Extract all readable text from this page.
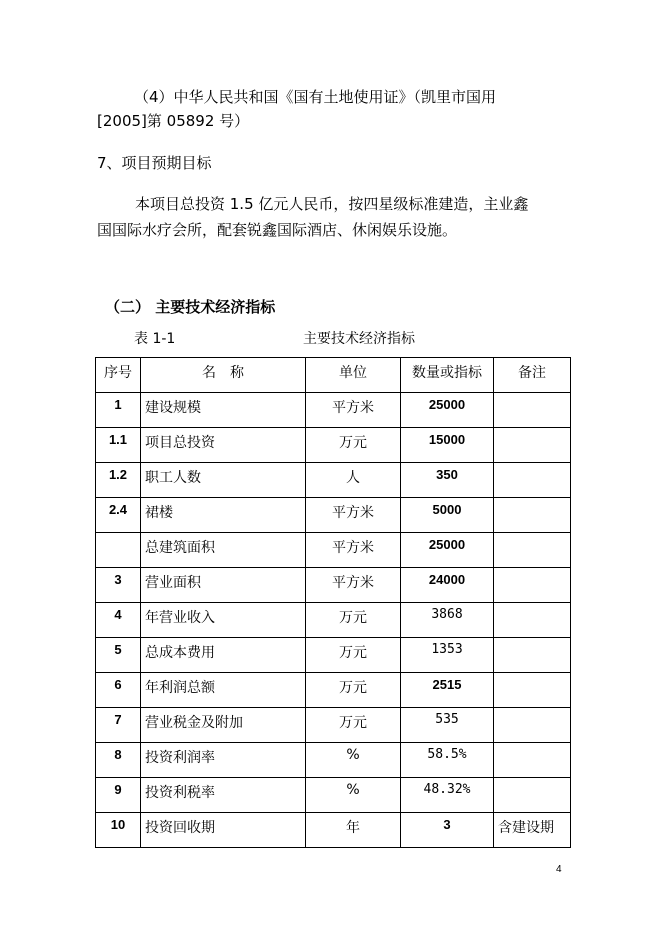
（4）中华人民共和国《国有土地使用证》（凯里市国用
[2005]第 05892 号）
7、项目预期目标
本项目总投资 1.5 亿元人民币，按四星级标准建造，主业鑫
国国际水疗会所，配套锐鑫国际酒店、休闲娱乐设施。
（二） 主要技术经济指标
表 1-1	主要技术经济指标
序号	名　称	单位	数量或指标	备注

1	建设规模	平方米	25000	

1.1	项目总投资	万元	15000	

1.2	职工人数	人	350	

2.4	裙楼	平方米	5000	

	总建筑面积	平方米	25000	

3	营业面积	平方米	24000	

4	年营业收入	万元	3868	

5	总成本费用	万元	1353	

6	年利润总额	万元	2515	

7	营业税金及附加	万元	535	

8	投资利润率	%	58.5%	

9	投资利税率	%	48.32%	

10	投资回收期	年	3	含建设期
4
